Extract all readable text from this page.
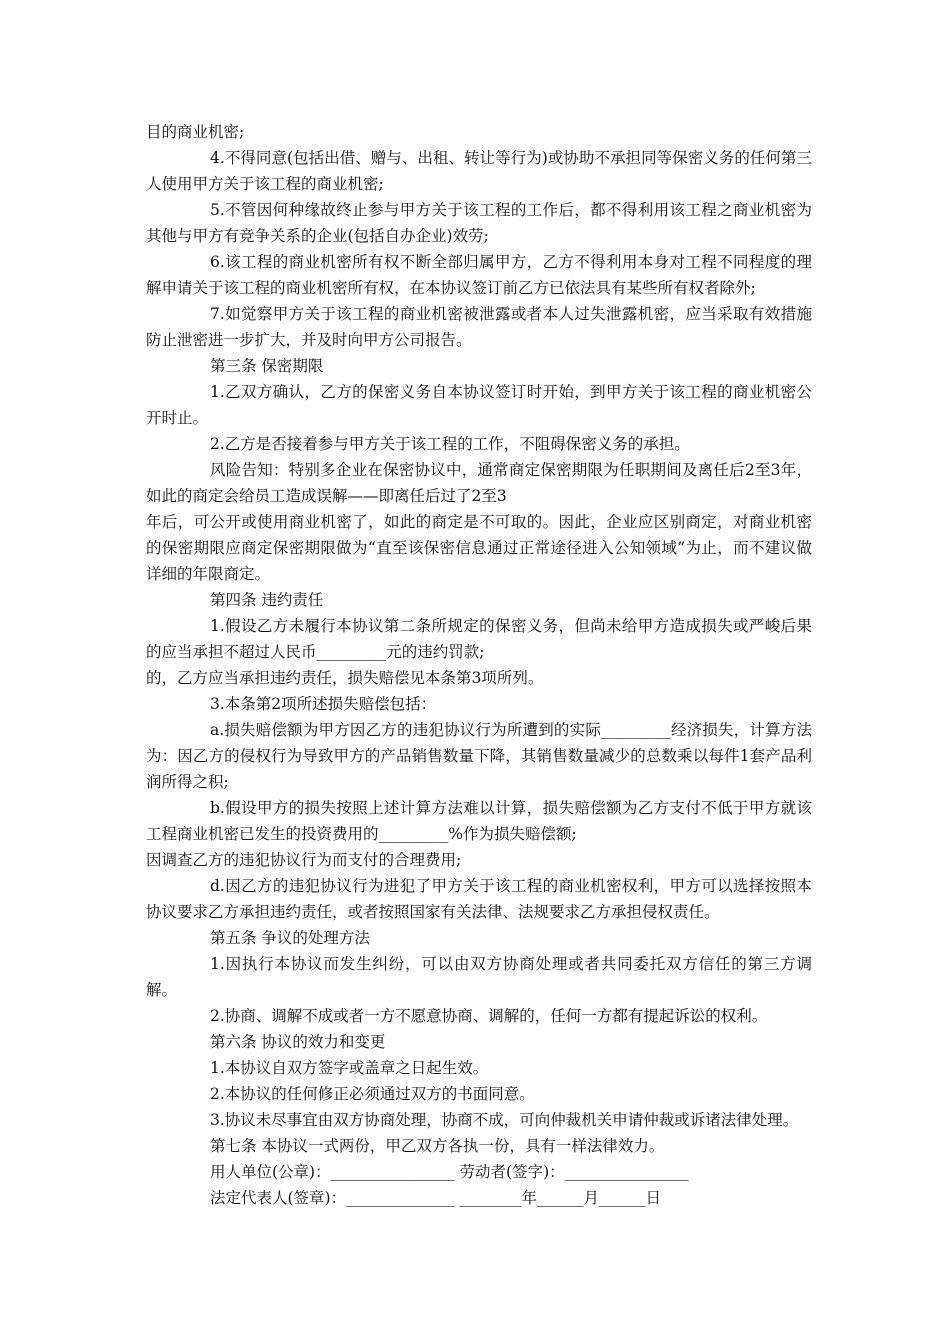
目的商业机密;

4.不得同意(包括出借、赠与、出租、转让等行为)或协助不承担同等保密义务的任何第三人使用甲方关于该工程的商业机密;

5.不管因何种缘故终止参与甲方关于该工程的工作后，都不得利用该工程之商业机密为其他与甲方有竞争关系的企业(包括自办企业)效劳;

6.该工程的商业机密所有权不断全部归属甲方，乙方不得利用本身对工程不同程度的理解申请关于该工程的商业机密所有权，在本协议签订前乙方已依法具有某些所有权者除外;

7.如觉察甲方关于该工程的商业机密被泄露或者本人过失泄露机密，应当采取有效措施防止泄密进一步扩大，并及时向甲方公司报告。

第三条 保密期限

1.乙双方确认，乙方的保密义务自本协议签订时开始，到甲方关于该工程的商业机密公开时止。

2.乙方是否接着参与甲方关于该工程的工作，不阻碍保密义务的承担。

风险告知：特别多企业在保密协议中，通常商定保密期限为任职期间及离任后2至3年，如此的商定会给员工造成误解——即离任后过了2至3

年后，可公开或使用商业机密了，如此的商定是不可取的。因此，企业应区别商定，对商业机密的保密期限应商定保密期限做为“直至该保密信息通过正常途径进入公知领域”为止，而不建议做详细的年限商定。

第四条 违约责任

1.假设乙方未履行本协议第二条所规定的保密义务，但尚未给甲方造成损失或严峻后果的应当承担不超过人民币_________元的违约罚款;

的，乙方应当承担违约责任，损失赔偿见本条第3项所列。

3.本条第2项所述损失赔偿包括：

a.损失赔偿额为甲方因乙方的违犯协议行为所遭到的实际_________经济损失，计算方法为：因乙方的侵权行为导致甲方的产品销售数量下降，其销售数量减少的总数乘以每件1套产品利润所得之积;

b.假设甲方的损失按照上述计算方法难以计算，损失赔偿额为乙方支付不低于甲方就该工程商业机密已发生的投资费用的_________%作为损失赔偿额;

因调查乙方的违犯协议行为而支付的合理费用;

d.因乙方的违犯协议行为进犯了甲方关于该工程的商业机密权利，甲方可以选择按照本协议要求乙方承担违约责任，或者按照国家有关法律、法规要求乙方承担侵权责任。

第五条 争议的处理方法

1.因执行本协议而发生纠纷，可以由双方协商处理或者共同委托双方信任的第三方调解。

2.协商、调解不成或者一方不愿意协商、调解的，任何一方都有提起诉讼的权利。

第六条 协议的效力和变更

1.本协议自双方签字或盖章之日起生效。

2.本协议的任何修正必须通过双方的书面同意。

3.协议未尽事宜由双方协商处理，协商不成，可向仲裁机关申请仲裁或诉诸法律处理。

第七条 本协议一式两份，甲乙双方各执一份，具有一样法律效力。

用人单位(公章)：________________ 劳动者(签字)：________________

法定代表人(签章)：______________ ________年______月______日
